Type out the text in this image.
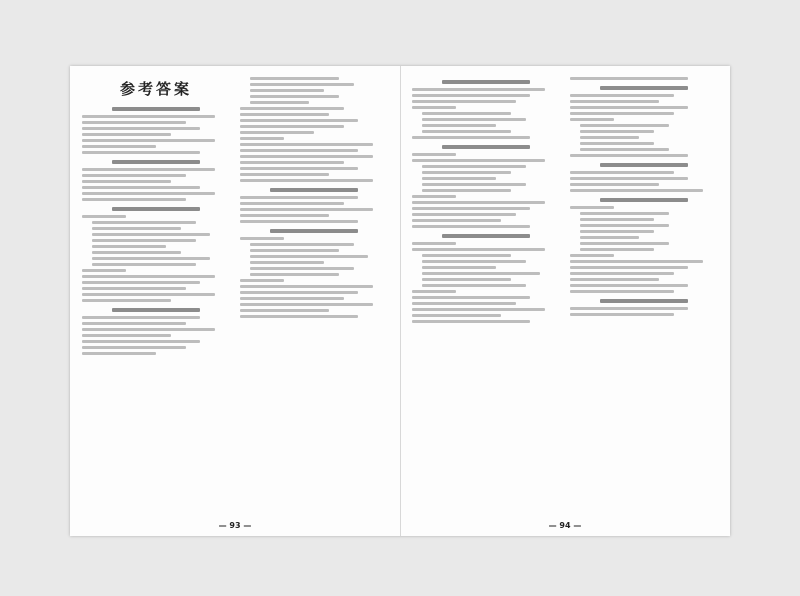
参考答案
— 93 —	— 94 —
